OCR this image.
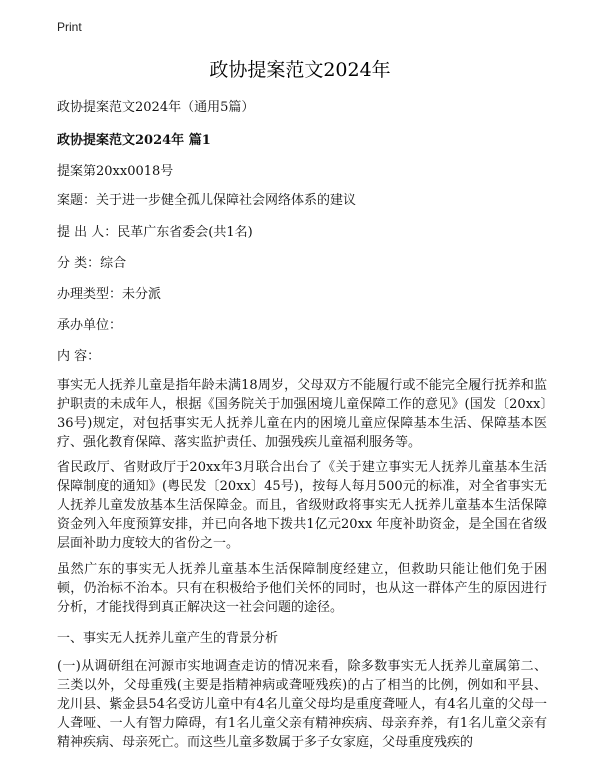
Print
政协提案范文2024年
政协提案范文2024年（通用5篇）
政协提案范文2024年 篇1
提案第20xx0018号
案题：关于进一步健全孤儿保障社会网络体系的建议
提 出 人：民革广东省委会(共1名)
分 类：综合
办理类型：未分派
承办单位：
内 容：
事实无人抚养儿童是指年龄未满18周岁，父母双方不能履行或不能完全履行抚养和监护职责的未成年人，根据《国务院关于加强困境儿童保障工作的意见》(国发〔20xx〕36号)规定，对包括事实无人抚养儿童在内的困境儿童应保障基本生活、保障基本医疗、强化教育保障、落实监护责任、加强残疾儿童福利服务等。
省民政厅、省财政厅于20xx年3月联合出台了《关于建立事实无人抚养儿童基本生活保障制度的通知》(粤民发〔20xx〕45号)，按每人每月500元的标准，对全省事实无人抚养儿童发放基本生活保障金。而且，省级财政将事实无人抚养儿童基本生活保障资金列入年度预算安排，并已向各地下拨共1亿元20xx 年度补助资金，是全国在省级层面补助力度较大的省份之一。
虽然广东的事实无人抚养儿童基本生活保障制度经建立，但救助只能让他们免于困顿，仍治标不治本。只有在积极给予他们关怀的同时，也从这一群体产生的原因进行分析，才能找得到真正解决这一社会问题的途径。
一、事实无人抚养儿童产生的背景分析
(一)从调研组在河源市实地调查走访的情况来看，除多数事实无人抚养儿童属第二、三类以外，父母重残(主要是指精神病或聋哑残疾)的占了相当的比例，例如和平县、龙川县、紫金县54名受访儿童中有4名儿童父母均是重度聋哑人，有4名儿童的父母一人聋哑、一人有智力障碍，有1名儿童父亲有精神疾病、母亲弃养，有1名儿童父亲有精神疾病、母亲死亡。而这些儿童多数属于多子女家庭，父母重度残疾的
